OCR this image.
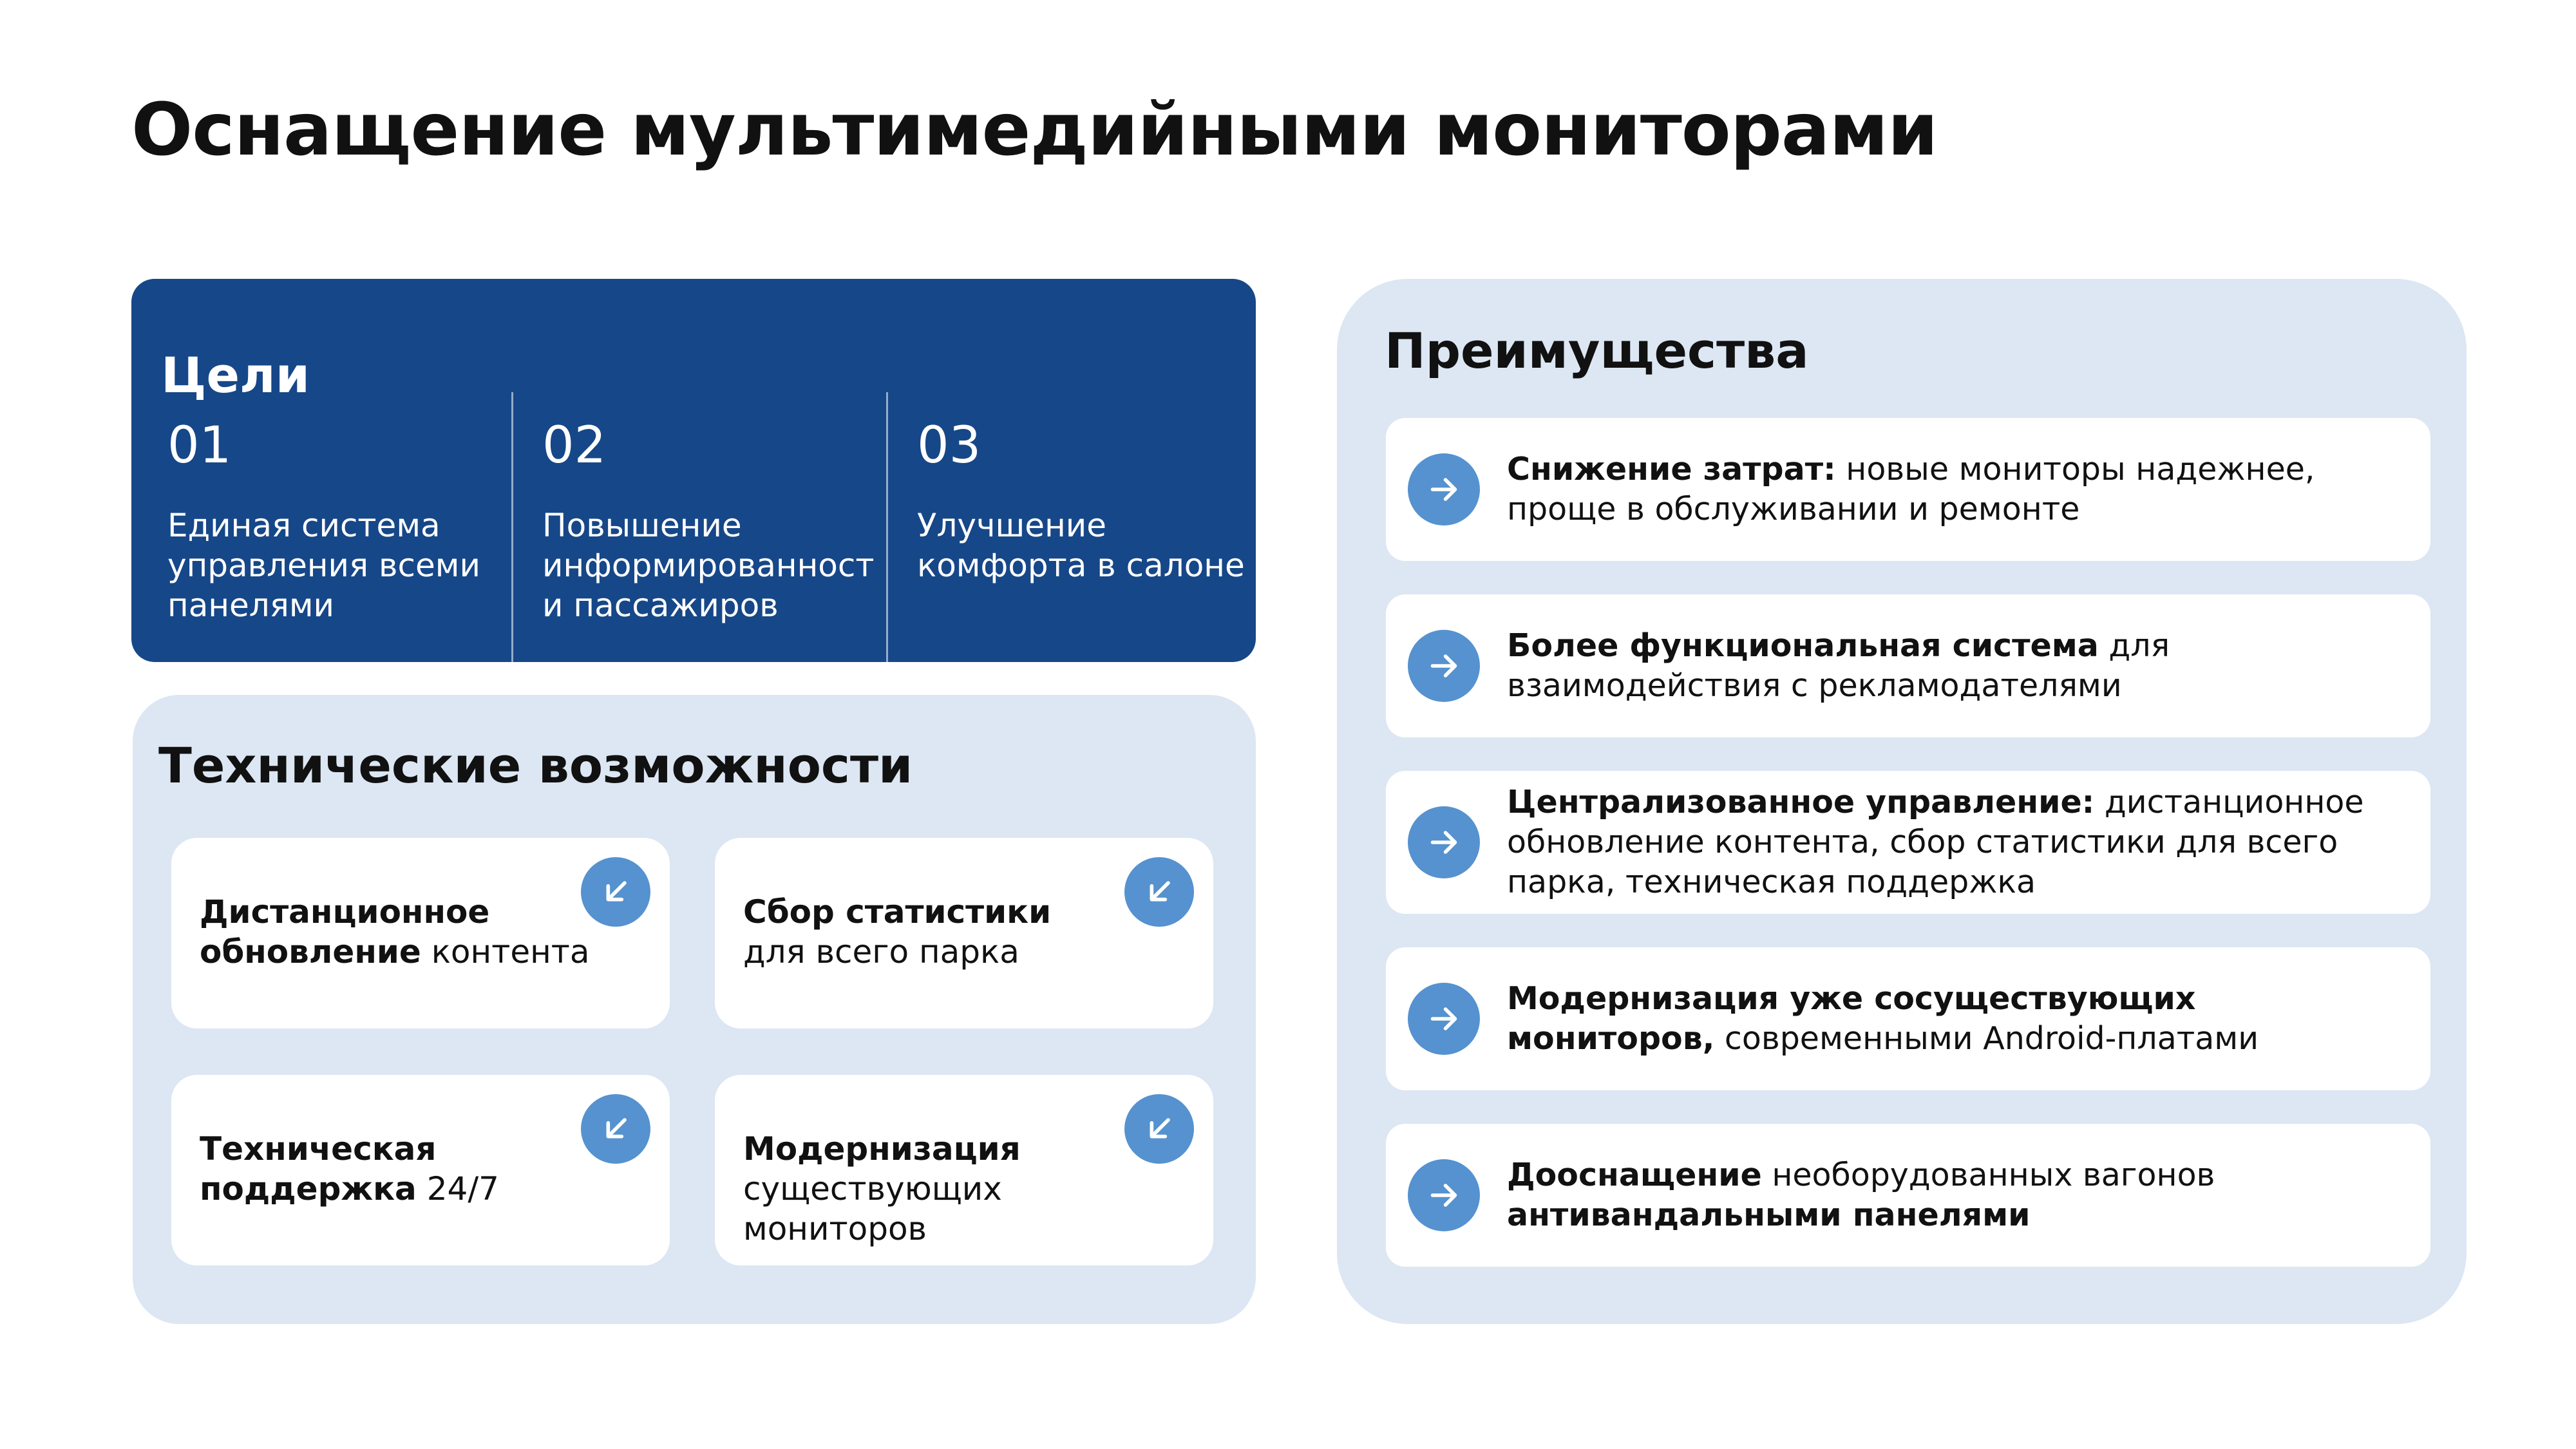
Оснащение мультимедийными мониторами
Цели
01
Единая система
управления всеми
панелями
02
Повышение
информированност
и пассажиров
03
Улучшение
комфорта в салоне
Технические возможности
Дистанционное обновление контента
Сбор статистики
для всего парка
Техническая поддержка 24/7
Модернизация
существующих мониторов
Преимущества
Снижение затрат: новые мониторы надежнее, проще в обслуживании и ремонте
Более функциональная система для взаимодействия с рекламодателями
Централизованное управление: дистанционное обновление контента, сбор статистики для всего парка, техническая поддержка
Модернизация уже сосуществующих мониторов, современными Android-платами
Дооснащение необорудованных вагонов антивандальными панелями
